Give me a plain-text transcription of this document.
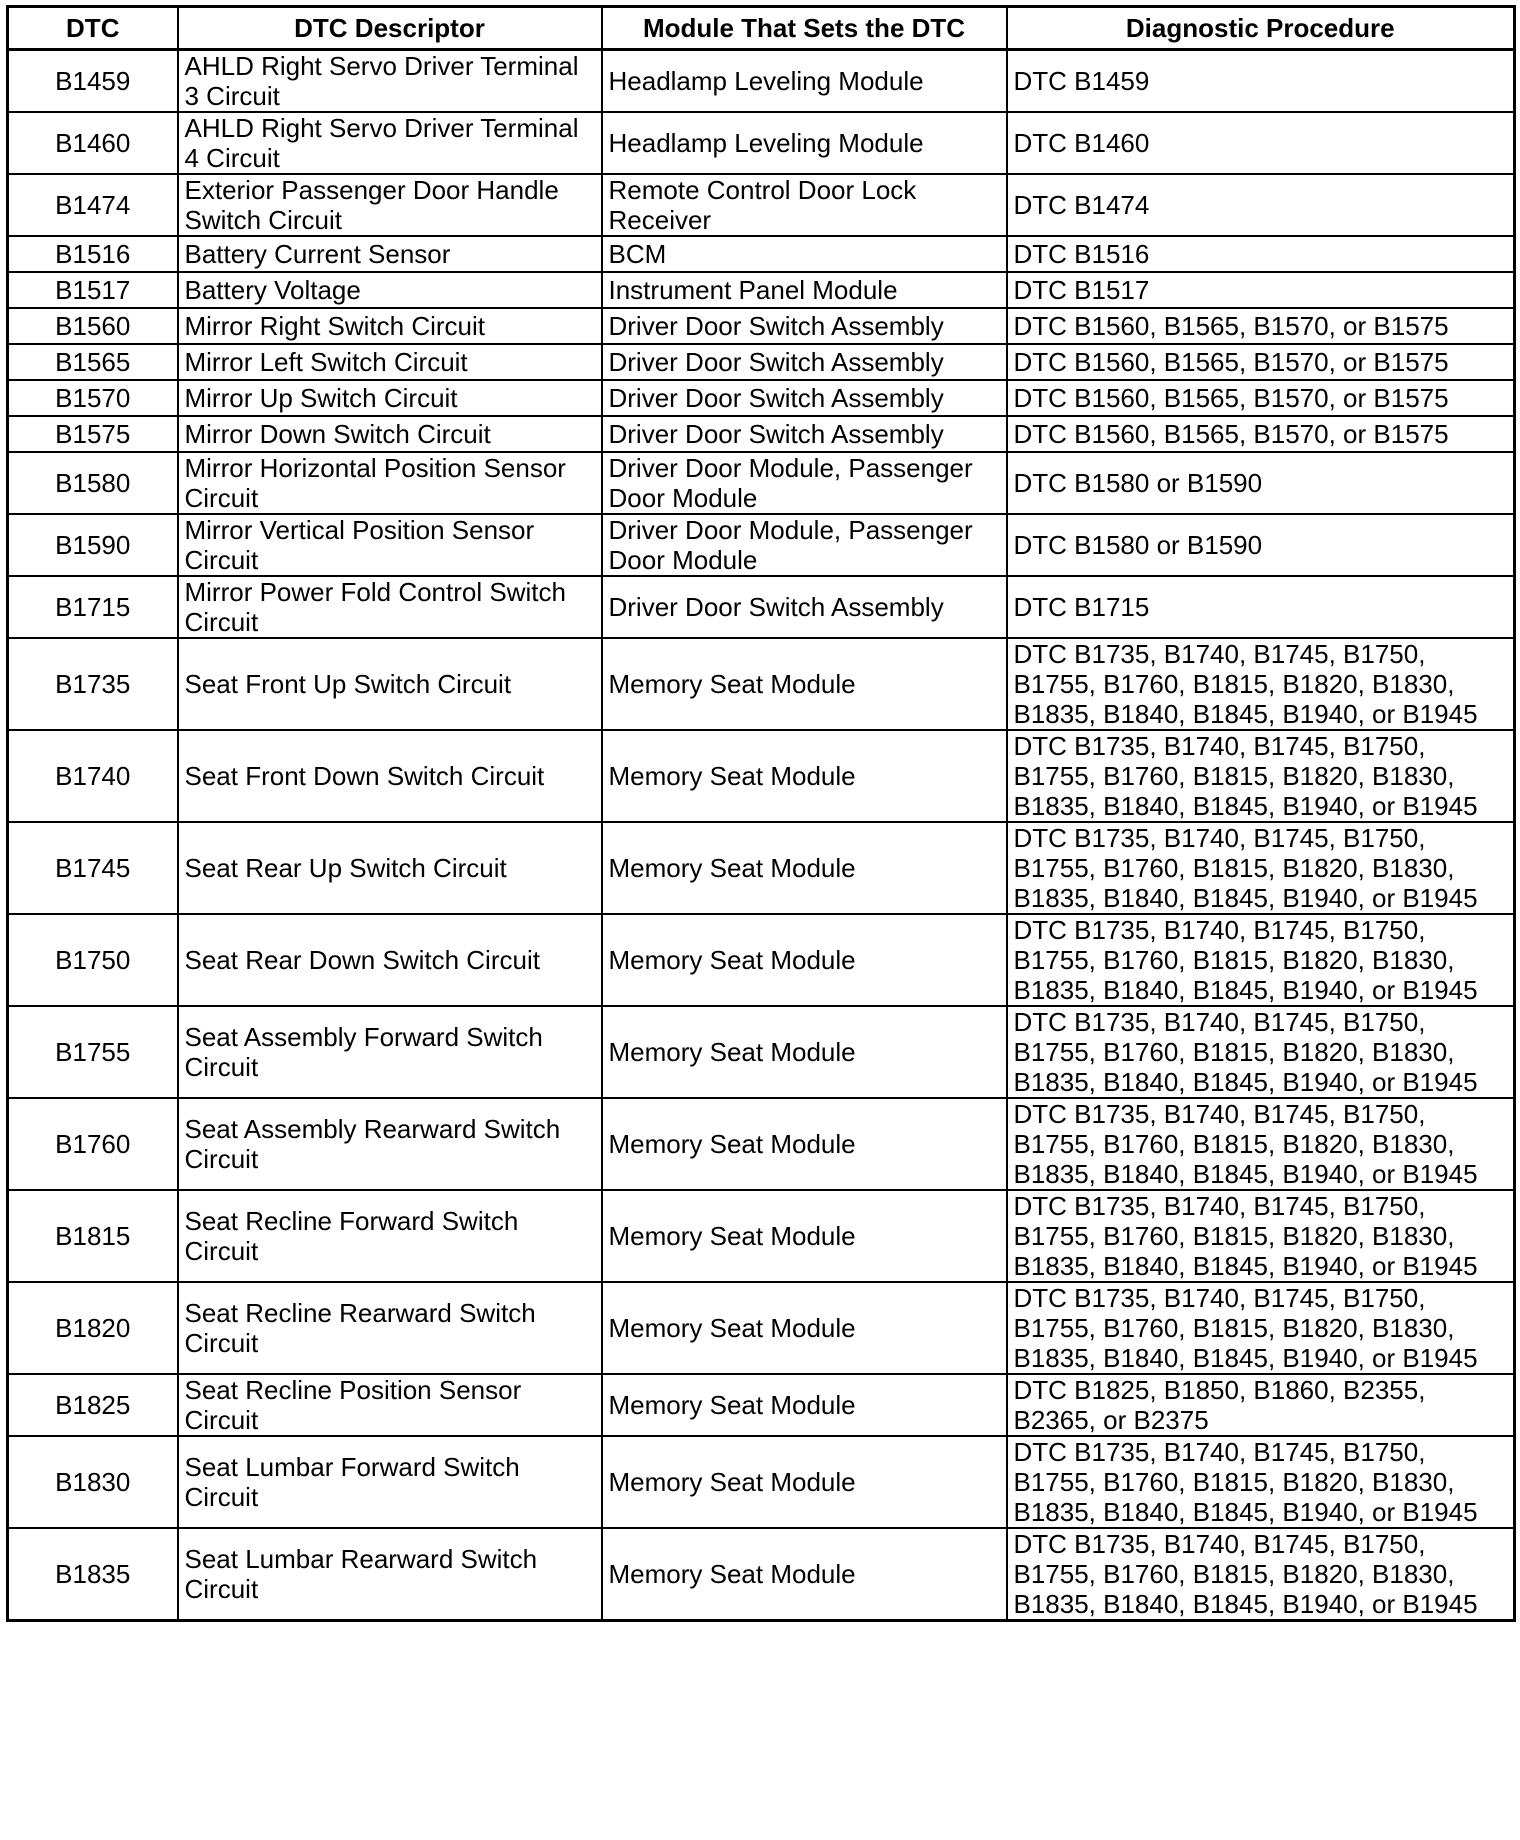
DTC	DTC Descriptor	Module That Sets the DTC	Diagnostic Procedure
B1459	AHLD Right Servo Driver Terminal 3 Circuit	Headlamp Leveling Module	DTC B1459
B1460	AHLD Right Servo Driver Terminal 4 Circuit	Headlamp Leveling Module	DTC B1460
B1474	Exterior Passenger Door Handle Switch Circuit	Remote Control Door Lock Receiver	DTC B1474
B1516	Battery Current Sensor	BCM	DTC B1516
B1517	Battery Voltage	Instrument Panel Module	DTC B1517
B1560	Mirror Right Switch Circuit	Driver Door Switch Assembly	DTC B1560, B1565, B1570, or B1575
B1565	Mirror Left Switch Circuit	Driver Door Switch Assembly	DTC B1560, B1565, B1570, or B1575
B1570	Mirror Up Switch Circuit	Driver Door Switch Assembly	DTC B1560, B1565, B1570, or B1575
B1575	Mirror Down Switch Circuit	Driver Door Switch Assembly	DTC B1560, B1565, B1570, or B1575
B1580	Mirror Horizontal Position Sensor Circuit	Driver Door Module, Passenger Door Module	DTC B1580 or B1590
B1590	Mirror Vertical Position Sensor Circuit	Driver Door Module, Passenger Door Module	DTC B1580 or B1590
B1715	Mirror Power Fold Control Switch Circuit	Driver Door Switch Assembly	DTC B1715
B1735	Seat Front Up Switch Circuit	Memory Seat Module	DTC B1735, B1740, B1745, B1750, B1755, B1760, B1815, B1820, B1830, B1835, B1840, B1845, B1940, or B1945
B1740	Seat Front Down Switch Circuit	Memory Seat Module	DTC B1735, B1740, B1745, B1750, B1755, B1760, B1815, B1820, B1830, B1835, B1840, B1845, B1940, or B1945
B1745	Seat Rear Up Switch Circuit	Memory Seat Module	DTC B1735, B1740, B1745, B1750, B1755, B1760, B1815, B1820, B1830, B1835, B1840, B1845, B1940, or B1945
B1750	Seat Rear Down Switch Circuit	Memory Seat Module	DTC B1735, B1740, B1745, B1750, B1755, B1760, B1815, B1820, B1830, B1835, B1840, B1845, B1940, or B1945
B1755	Seat Assembly Forward Switch Circuit	Memory Seat Module	DTC B1735, B1740, B1745, B1750, B1755, B1760, B1815, B1820, B1830, B1835, B1840, B1845, B1940, or B1945
B1760	Seat Assembly Rearward Switch Circuit	Memory Seat Module	DTC B1735, B1740, B1745, B1750, B1755, B1760, B1815, B1820, B1830, B1835, B1840, B1845, B1940, or B1945
B1815	Seat Recline Forward Switch Circuit	Memory Seat Module	DTC B1735, B1740, B1745, B1750, B1755, B1760, B1815, B1820, B1830, B1835, B1840, B1845, B1940, or B1945
B1820	Seat Recline Rearward Switch Circuit	Memory Seat Module	DTC B1735, B1740, B1745, B1750, B1755, B1760, B1815, B1820, B1830, B1835, B1840, B1845, B1940, or B1945
B1825	Seat Recline Position Sensor Circuit	Memory Seat Module	DTC B1825, B1850, B1860, B2355, B2365, or B2375
B1830	Seat Lumbar Forward Switch Circuit	Memory Seat Module	DTC B1735, B1740, B1745, B1750, B1755, B1760, B1815, B1820, B1830, B1835, B1840, B1845, B1940, or B1945
B1835	Seat Lumbar Rearward Switch Circuit	Memory Seat Module	DTC B1735, B1740, B1745, B1750, B1755, B1760, B1815, B1820, B1830, B1835, B1840, B1845, B1940, or B1945
